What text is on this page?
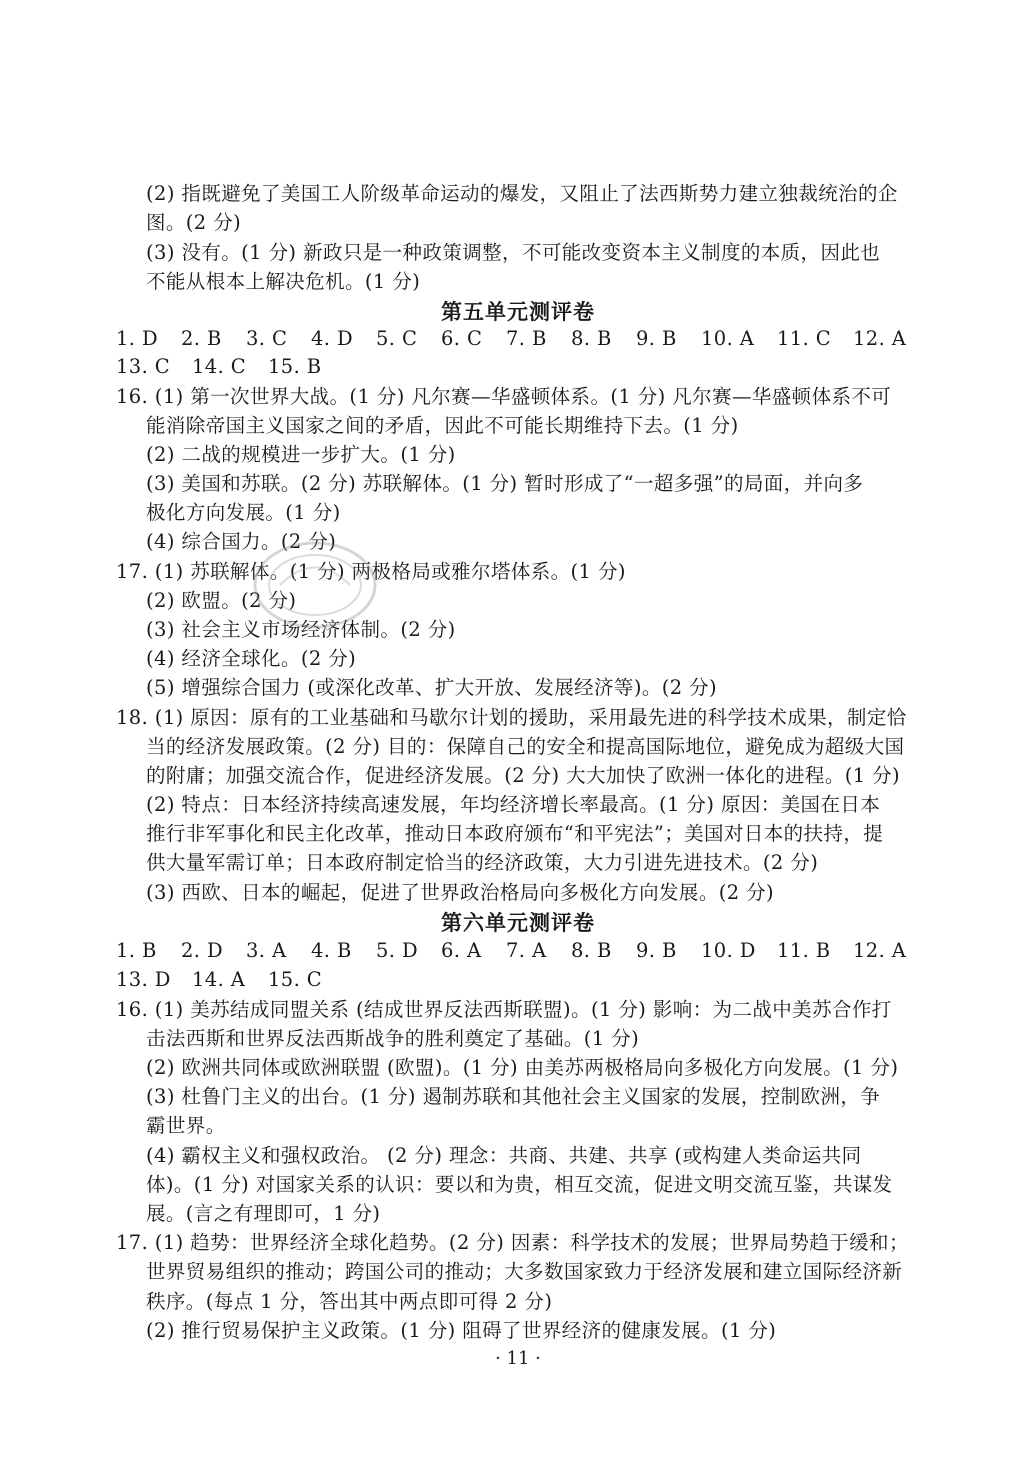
(2) 指既避免了美国工人阶级革命运动的爆发，又阻止了法西斯势力建立独裁统治的企
图。(2 分)
(3) 没有。(1 分) 新政只是一种政策调整，不可能改变资本主义制度的本质，因此也
不能从根本上解决危机。(1 分)
第五单元测评卷
1. D 2. B 3. C 4. D 5. C 6. C 7. B 8. B 9. B 10. A 11. C 12. A
13. C 14. C 15. B
16. (1) 第一次世界大战。(1 分) 凡尔赛—华盛顿体系。(1 分) 凡尔赛—华盛顿体系不可
能消除帝国主义国家之间的矛盾，因此不可能长期维持下去。(1 分)
(2) 二战的规模进一步扩大。(1 分)
(3) 美国和苏联。(2 分) 苏联解体。(1 分) 暂时形成了“一超多强”的局面，并向多
极化方向发展。(1 分)
(4) 综合国力。(2 分)
17. (1) 苏联解体。(1 分) 两极格局或雅尔塔体系。(1 分)
(2) 欧盟。(2 分)
(3) 社会主义市场经济体制。(2 分)
(4) 经济全球化。(2 分)
(5) 增强综合国力 (或深化改革、扩大开放、发展经济等)。(2 分)
18. (1) 原因：原有的工业基础和马歇尔计划的援助，采用最先进的科学技术成果，制定恰
当的经济发展政策。(2 分) 目的：保障自己的安全和提高国际地位，避免成为超级大国
的附庸；加强交流合作，促进经济发展。(2 分) 大大加快了欧洲一体化的进程。(1 分)
(2) 特点：日本经济持续高速发展，年均经济增长率最高。(1 分) 原因：美国在日本
推行非军事化和民主化改革，推动日本政府颁布“和平宪法”；美国对日本的扶持，提
供大量军需订单；日本政府制定恰当的经济政策，大力引进先进技术。(2 分)
(3) 西欧、日本的崛起，促进了世界政治格局向多极化方向发展。(2 分)
第六单元测评卷
1. B 2. D 3. A 4. B 5. D 6. A 7. A 8. B 9. B 10. D 11. B 12. A
13. D 14. A 15. C
16. (1) 美苏结成同盟关系 (结成世界反法西斯联盟)。(1 分) 影响：为二战中美苏合作打
击法西斯和世界反法西斯战争的胜利奠定了基础。(1 分)
(2) 欧洲共同体或欧洲联盟 (欧盟)。(1 分) 由美苏两极格局向多极化方向发展。(1 分)
(3) 杜鲁门主义的出台。(1 分) 遏制苏联和其他社会主义国家的发展，控制欧洲，争
霸世界。
(4) 霸权主义和强权政治。 (2 分) 理念：共商、共建、共享 (或构建人类命运共同
体)。(1 分) 对国家关系的认识：要以和为贵，相互交流，促进文明交流互鉴，共谋发
展。(言之有理即可，1 分)
17. (1) 趋势：世界经济全球化趋势。(2 分) 因素：科学技术的发展；世界局势趋于缓和；
世界贸易组织的推动；跨国公司的推动；大多数国家致力于经济发展和建立国际经济新
秩序。(每点 1 分，答出其中两点即可得 2 分)
(2) 推行贸易保护主义政策。(1 分) 阻碍了世界经济的健康发展。(1 分)
· 11 ·
